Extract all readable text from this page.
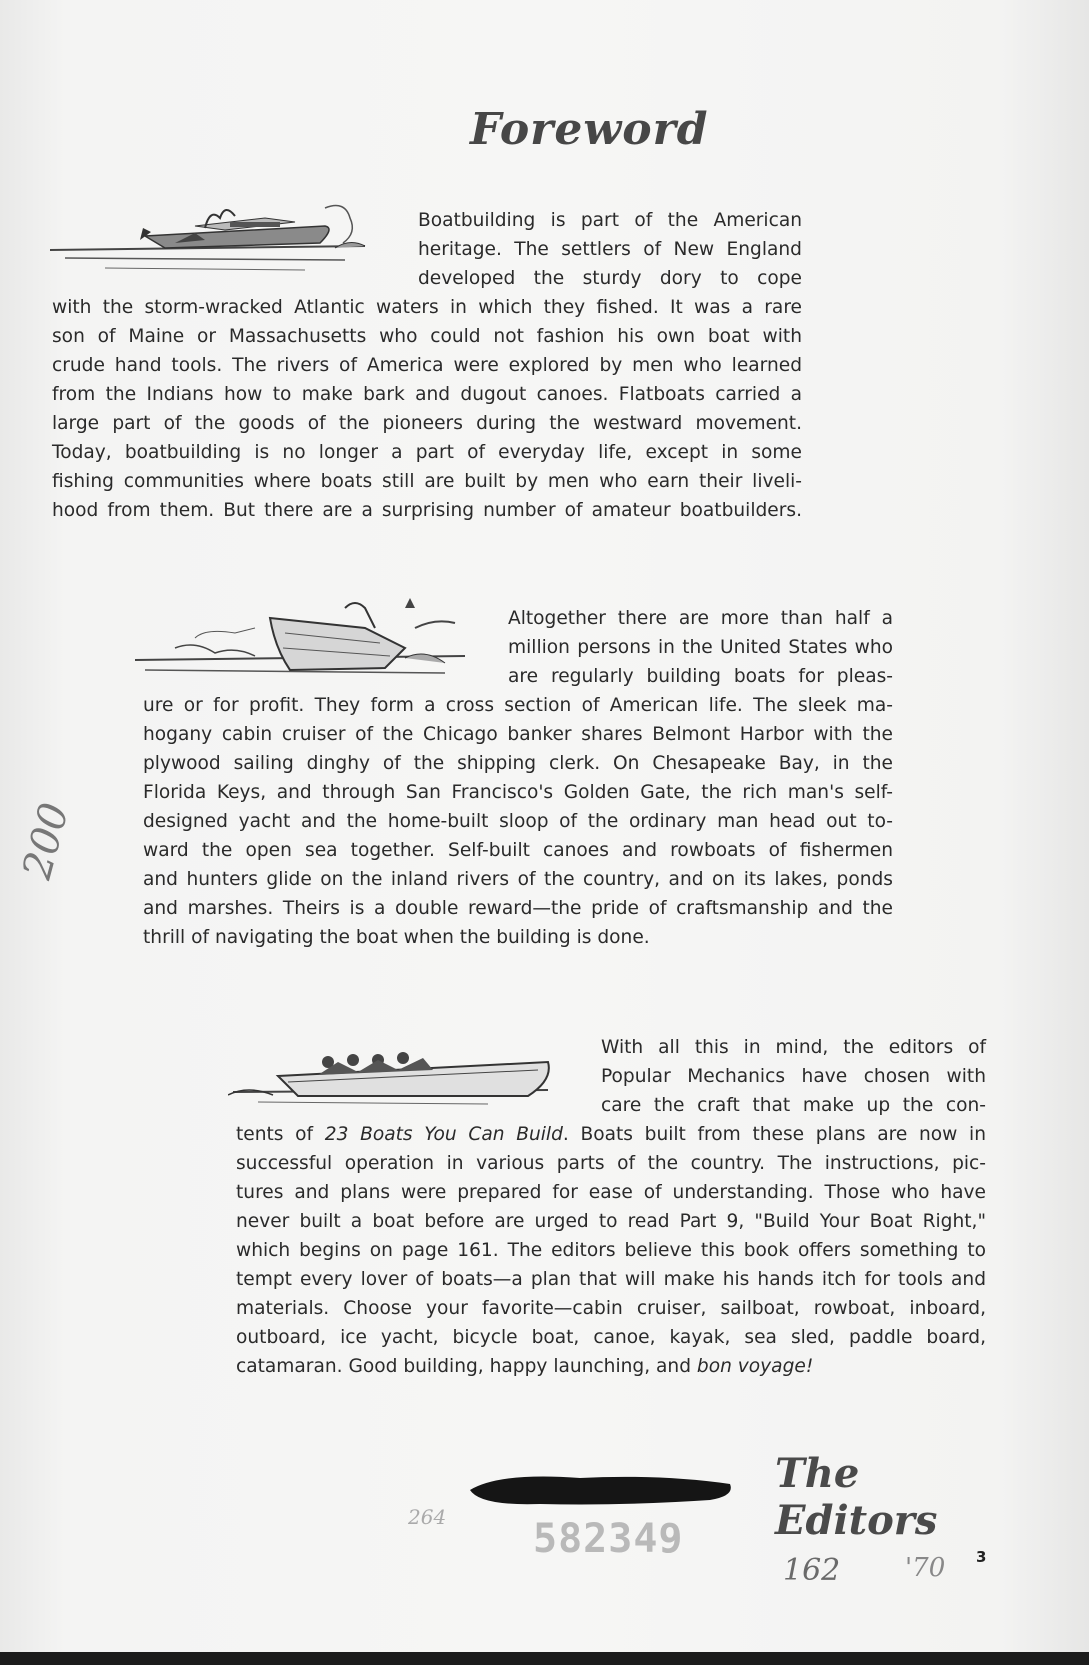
Foreword

Boatbuilding is part of the American
heritage. The settlers of New England
developed the sturdy dory to cope
with the storm-wracked Atlantic waters in which they fished. It was a rare
son of Maine or Massachusetts who could not fashion his own boat with
crude hand tools. The rivers of America were explored by men who learned
from the Indians how to make bark and dugout canoes. Flatboats carried a
large part of the goods of the pioneers during the westward movement.
Today, boatbuilding is no longer a part of everyday life, except in some
fishing communities where boats still are built by men who earn their liveli-
hood from them. But there are a surprising number of amateur boatbuilders.

Altogether there are more than half a
million persons in the United States who
are regularly building boats for pleas-
ure or for profit. They form a cross section of American life. The sleek ma-
hogany cabin cruiser of the Chicago banker shares Belmont Harbor with the
plywood sailing dinghy of the shipping clerk. On Chesapeake Bay, in the
Florida Keys, and through San Francisco's Golden Gate, the rich man's self-
designed yacht and the home-built sloop of the ordinary man head out to-
ward the open sea together. Self-built canoes and rowboats of fishermen
and hunters glide on the inland rivers of the country, and on its lakes, ponds
and marshes. Theirs is a double reward—the pride of craftsmanship and the
thrill of navigating the boat when the building is done.

With all this in mind, the editors of
Popular Mechanics have chosen with
care the craft that make up the con-
tents of 23 Boats You Can Build. Boats built from these plans are now in
successful operation in various parts of the country. The instructions, pic-
tures and plans were prepared for ease of understanding. Those who have
never built a boat before are urged to read Part 9, "Build Your Boat Right,"
which begins on page 161. The editors believe this book offers something to
tempt every lover of boats—a plan that will make his hands itch for tools and
materials. Choose your favorite—cabin cruiser, sailboat, rowboat, inboard,
outboard, ice yacht, bicycle boat, canoe, kayak, sea sled, paddle board,
catamaran. Good building, happy launching, and bon voyage!

582349
The Editors
3
200
162 '70
264
